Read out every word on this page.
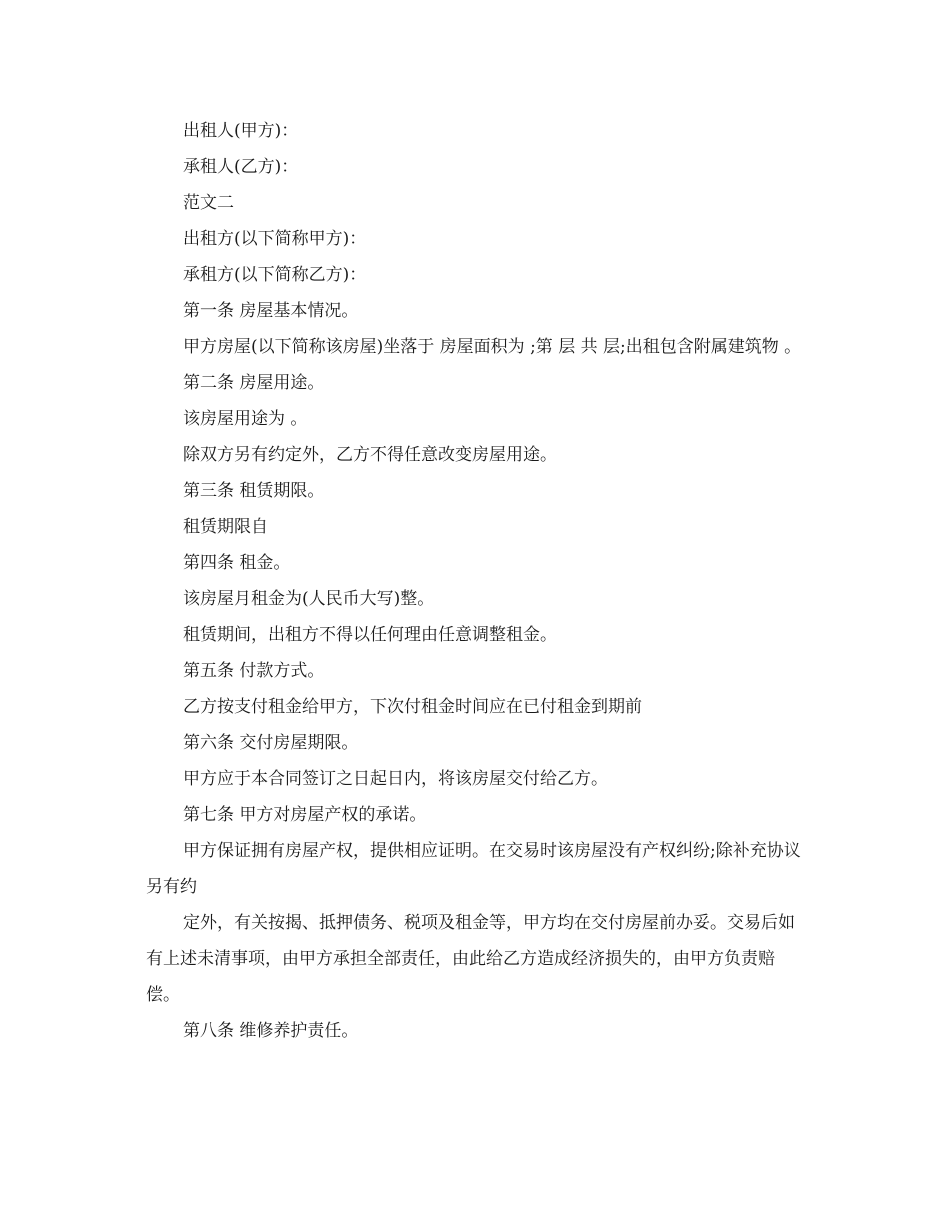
出租人(甲方)：

承租人(乙方)：

范文二

出租方(以下简称甲方)：

承租方(以下简称乙方)：

第一条 房屋基本情况。

甲方房屋(以下简称该房屋)坐落于 房屋面积为 ;第 层 共 层;出租包含附属建筑物 。

第二条 房屋用途。

该房屋用途为 。

除双方另有约定外，乙方不得任意改变房屋用途。

第三条 租赁期限。

租赁期限自

第四条 租金。

该房屋月租金为(人民币大写)整。

租赁期间，出租方不得以任何理由任意调整租金。

第五条 付款方式。

乙方按支付租金给甲方，下次付租金时间应在已付租金到期前

第六条 交付房屋期限。

甲方应于本合同签订之日起日内，将该房屋交付给乙方。

第七条 甲方对房屋产权的承诺。

甲方保证拥有房屋产权，提供相应证明。在交易时该房屋没有产权纠纷;除补充协议另有约

定外，有关按揭、抵押债务、税项及租金等，甲方均在交付房屋前办妥。交易后如有上述未清事项，由甲方承担全部责任，由此给乙方造成经济损失的，由甲方负责赔偿。

第八条 维修养护责任。
